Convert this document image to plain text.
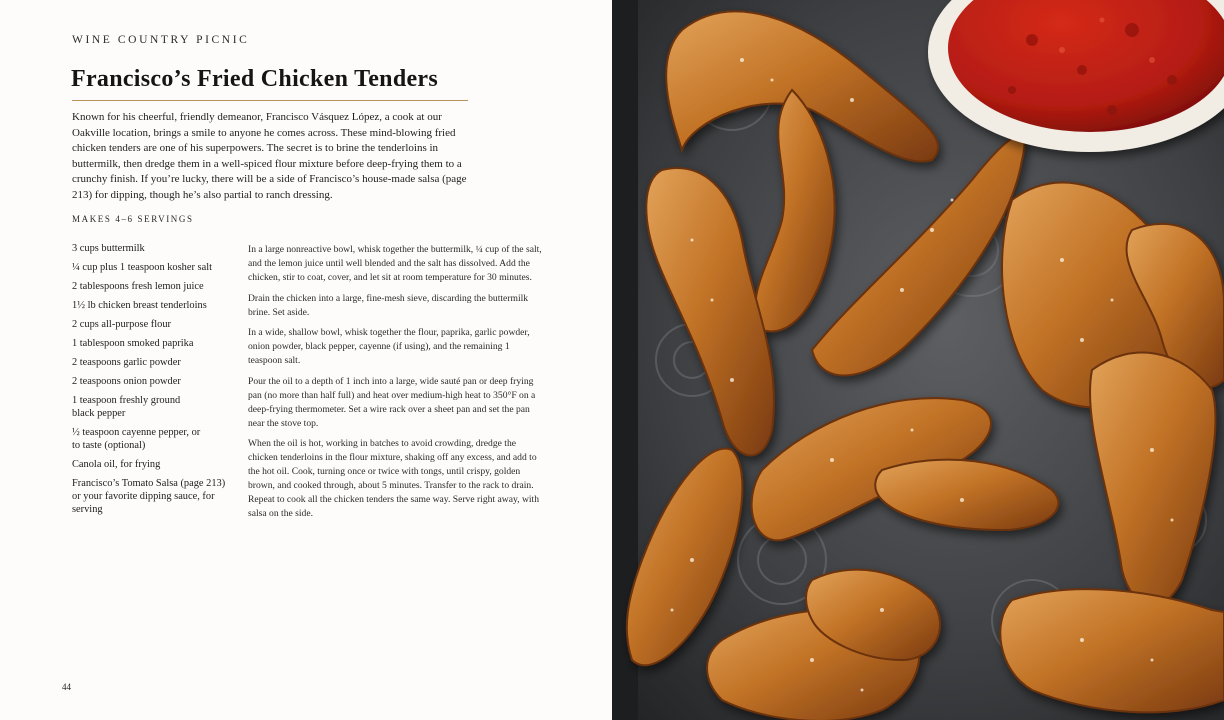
WINE COUNTRY PICNIC
Francisco’s Fried Chicken Tenders

Known for his cheerful, friendly demeanor, Francisco Vásquez López, a cook at our Oakville location, brings a smile to anyone he comes across. These mind-blowing fried chicken tenders are one of his superpowers. The secret is to brine the tenderloins in buttermilk, then dredge them in a well-spiced flour mixture before deep-frying them to a crunchy finish. If you’re lucky, there will be a side of Francisco’s house-made salsa (page 213) for dipping, though he’s also partial to ranch dressing.

MAKES 4–6 SERVINGS
3 cups buttermilk
¼ cup plus 1 teaspoon kosher salt
2 tablespoons fresh lemon juice
1½ lb chicken breast tenderloins
2 cups all-purpose flour
1 tablespoon smoked paprika
2 teaspoons garlic powder
2 teaspoons onion powder
1 teaspoon freshly ground black pepper
½ teaspoon cayenne pepper, or to taste (optional)
Canola oil, for frying
Francisco’s Tomato Salsa (page 213) or your favorite dipping sauce, for serving

In a large nonreactive bowl, whisk together the buttermilk, ¼ cup of the salt, and the lemon juice until well blended and the salt has dissolved. Add the chicken, stir to coat, cover, and let sit at room temperature for 30 minutes.

Drain the chicken into a large, fine-mesh sieve, discarding the buttermilk brine. Set aside.

In a wide, shallow bowl, whisk together the flour, paprika, garlic powder, onion powder, black pepper, cayenne (if using), and the remaining 1 teaspoon salt.

Pour the oil to a depth of 1 inch into a large, wide sauté pan or deep frying pan (no more than half full) and heat over medium-high heat to 350°F on a deep-frying thermometer. Set a wire rack over a sheet pan and set the pan near the stove top.

When the oil is hot, working in batches to avoid crowding, dredge the chicken tenderloins in the flour mixture, shaking off any excess, and add to the hot oil. Cook, turning once or twice with tongs, until crispy, golden brown, and cooked through, about 5 minutes. Transfer to the rack to drain. Repeat to cook all the chicken tenders the same way. Serve right away, with salsa on the side.

44
